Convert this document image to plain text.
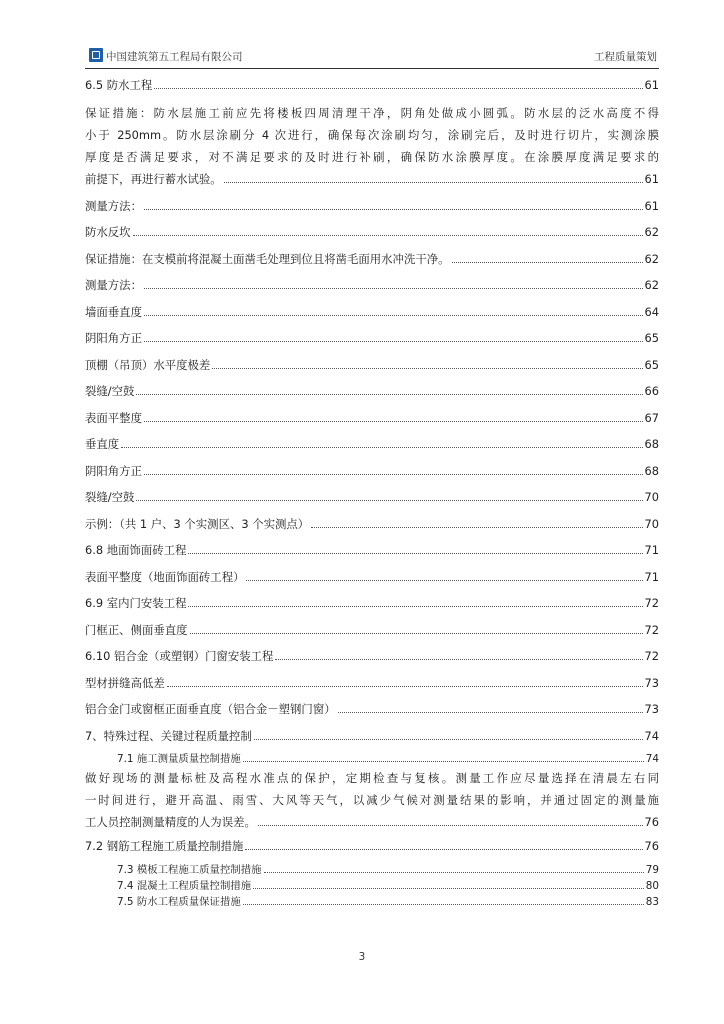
中国建筑第五工程局有限公司	工程质量策划
6.5 防水工程	61
保证措施：防水层施工前应先将楼板四周清理干净，阴角处做成小圆弧。防水层的泛水高度不得
小于 250mm。防水层涂刷分 4 次进行，确保每次涂刷均匀，涂刷完后，及时进行切片，实测涂膜
厚度是否满足要求，对不满足要求的及时进行补刷，确保防水涂膜厚度。在涂膜厚度满足要求的
前提下，再进行蓄水试验。	61
测量方法：	61
防水反坎	62
保证措施：在支模前将混凝土面凿毛处理到位且将凿毛面用水冲洗干净。	62
测量方法：	62
墙面垂直度	64
阴阳角方正	65
顶棚（吊顶）水平度极差	65
裂缝/空鼓	66
表面平整度	67
垂直度	68
阴阳角方正	68
裂缝/空鼓	70
示例：（共 1 户、3 个实测区、3 个实测点）	70
6.8 地面饰面砖工程	71
表面平整度（地面饰面砖工程）	71
6.9 室内门安装工程	72
门框正、侧面垂直度	72
6.10 铝合金（或塑钢）门窗安装工程	72
型材拼缝高低差	73
铝合金门或窗框正面垂直度（铝合金－塑钢门窗）	73
7、特殊过程、关键过程质量控制	74
7.1 施工测量质量控制措施	74
做好现场的测量标桩及高程水准点的保护，定期检查与复核。测量工作应尽量选择在清晨左右同
一时间进行，避开高温、雨雪、大风等天气，以减少气候对测量结果的影响，并通过固定的测量施
工人员控制测量精度的人为误差。	76
7.2 钢筋工程施工质量控制措施	76
7.3 模板工程施工质量控制措施	79
7.4 混凝土工程质量控制措施	80
7.5 防水工程质量保证措施	83
3
